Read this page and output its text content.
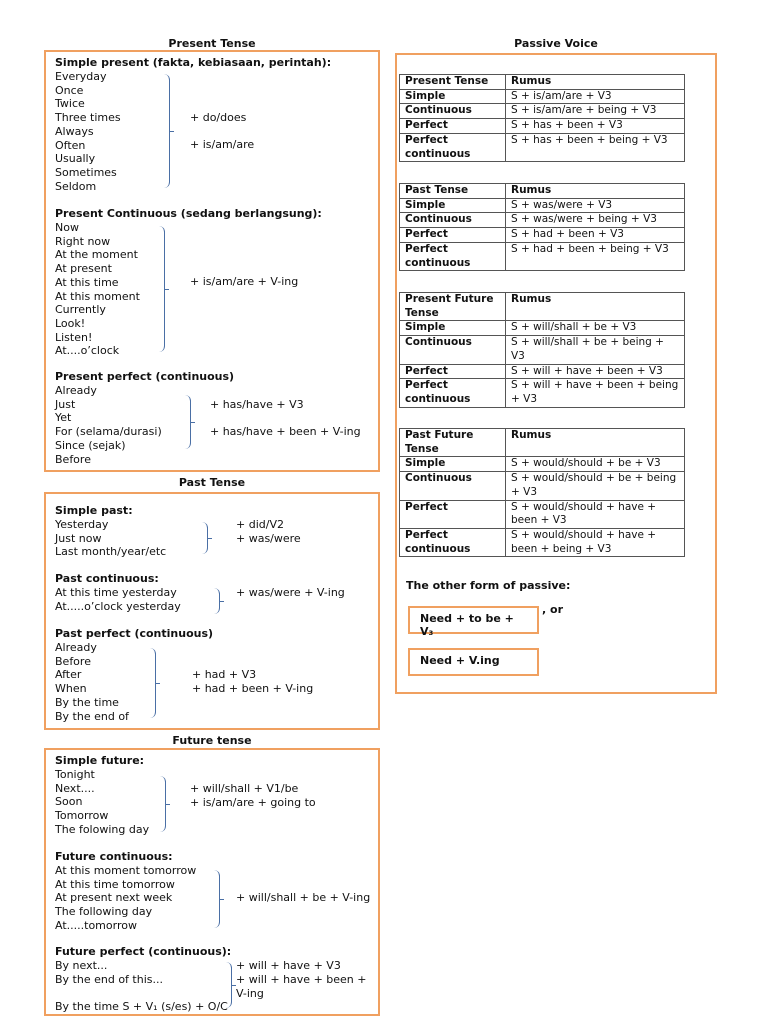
Present Tense
Simple present (fakta, kebiasaan, perintah):
Everyday
Once
Twice
Three times
Always
Often
Usually
Sometimes
Seldom
+ do/does
+ is/am/are
Present Continuous (sedang berlangsung):
Now
Right now
At the moment
At present
At this time
At this moment
Currently
Look!
Listen!
At....o’clock
+ is/am/are + V-ing
Present perfect (continuous)
Already
Just
Yet
For (selama/durasi)
Since (sejak)
Before
+ has/have + V3
+ has/have + been + V-ing
Past Tense
Simple past:
Yesterday
Just now
Last month/year/etc
+ did/V2
+ was/were
Past continuous:
At this time yesterday
At.....o’clock yesterday
+ was/were + V-ing
Past perfect (continuous)
Already
Before
After
When
By the time
By the end of
+ had + V3
+ had + been + V-ing
Future tense
Simple future:
Tonight
Next....
Soon
Tomorrow
The folowing day
+ will/shall + V1/be
+ is/am/are + going to
Future continuous:
At this moment tomorrow
At this time tomorrow
At present next week
The following day
At.....tomorrow
+ will/shall + be + V-ing
Future perfect (continuous):
By next...
By the end of this...
By the time S + V₁ (s/es) + O/C
+ will + have + V3
+ will + have + been +
V-ing
Passive Voice
Present Tense	Rumus
Simple	S + is/am/are + V3
Continuous	S + is/am/are + being + V3
Perfect	S + has + been + V3
Perfect continuous	S + has + been + being + V3
Past Tense	Rumus
Simple	S + was/were + V3
Continuous	S + was/were + being + V3
Perfect	S + had + been + V3
Perfect continuous	S + had + been + being + V3
Present Future Tense	Rumus
Simple	S + will/shall + be + V3
Continuous	S + will/shall + be + being + V3
Perfect	S + will + have + been + V3
Perfect continuous	S + will + have + been + being + V3
Past Future Tense	Rumus
Simple	S + would/should + be + V3
Continuous	S + would/should + be + being + V3
Perfect	S + would/should + have + been + V3
Perfect continuous	S + would/should + have + been + being + V3
The other form of passive:
Need + to be + V₃
, or
Need + V.ing
